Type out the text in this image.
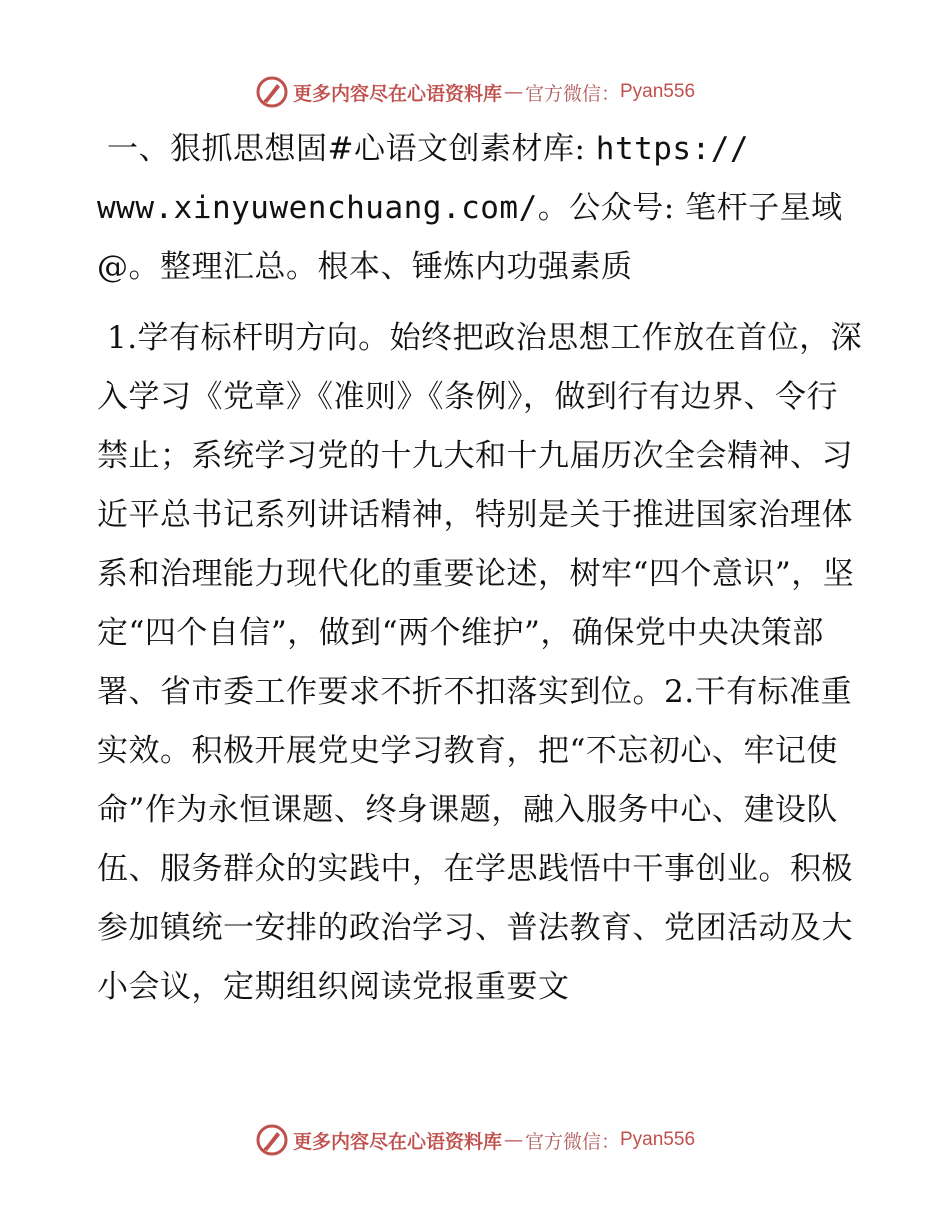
更多内容尽在心语资料库 — 官方微信： Pyan556

一、狠抓思想固#心语文创素材库: https:// www.xinyuwenchuang.com/。公众号: 笔杆子星域@。整理汇总。根本、锤炼内功强素质

1.学有标杆明方向。始终把政治思想工作放在首位，深入学习《党章》《准则》《条例》，做到行有边界、令行禁止；系统学习党的十九大和十九届历次全会精神、习近平总书记系列讲话精神，特别是关于推进国家治理体系和治理能力现代化的重要论述，树牢“四个意识”，坚定“四个自信”，做到“两个维护”，确保党中央决策部署、省市委工作要求不折不扣落实到位。2.干有标准重实效。积极开展党史学习教育，把“不忘初心、牢记使命”作为永恒课题、终身课题，融入服务中心、建设队伍、服务群众的实践中，在学思践悟中干事创业。积极参加镇统一安排的政治学习、普法教育、党团活动及大小会议，定期组织阅读党报重要文

更多内容尽在心语资料库 — 官方微信： Pyan556
